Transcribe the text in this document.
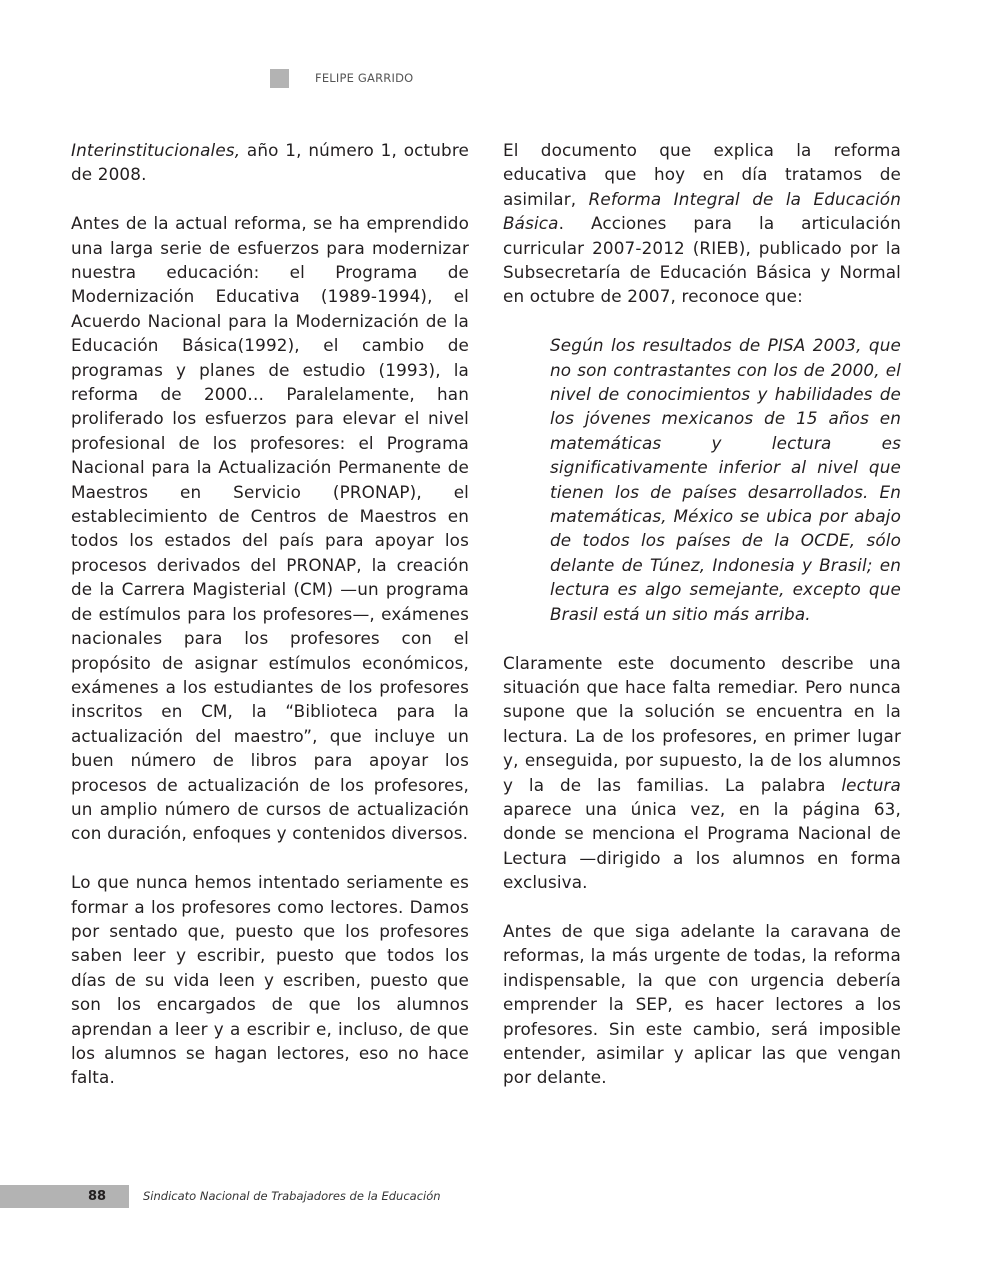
FELIPE GARRIDO

Interinstitucionales, año 1, número 1, octubre de 2008.

Antes de la actual reforma, se ha emprendido una larga serie de esfuerzos para modernizar nuestra educación: el Programa de Modernización Educativa (1989-1994), el Acuerdo Nacional para la Modernización de la Educación Básica(1992), el cambio de programas y planes de estudio (1993), la reforma de 2000… Paralelamente, han proliferado los esfuerzos para elevar el nivel profesional de los profesores: el Programa Nacional para la Actualización Permanente de Maestros en Servicio (PRONAP), el establecimiento de Centros de Maestros en todos los estados del país para apoyar los procesos derivados del PRONAP, la creación de la Carrera Magisterial (CM) —un programa de estímulos para los profesores—, exámenes nacionales para los profesores con el propósito de asignar estímulos económicos, exámenes a los estudiantes de los profesores inscritos en CM, la “Biblioteca para la actualización del maestro”, que incluye un buen número de libros para apoyar los procesos de actualización de los profesores, un amplio número de cursos de actualización con duración, enfoques y contenidos diversos.

Lo que nunca hemos intentado seriamente es formar a los profesores como lectores. Damos por sentado que, puesto que los profesores saben leer y escribir, puesto que todos los días de su vida leen y escriben, puesto que son los encargados de que los alumnos aprendan a leer y a escribir e, incluso, de que los alumnos se hagan lectores, eso no hace falta.

El documento que explica la reforma educativa que hoy en día tratamos de asimilar, Reforma Integral de la Educación Básica. Acciones para la articulación curricular 2007-2012 (RIEB), publicado por la Subsecretaría de Educación Básica y Normal en octubre de 2007, reconoce que:

Según los resultados de PISA 2003, que no son contrastantes con los de 2000, el nivel de conocimientos y habilidades de los jóvenes mexicanos de 15 años en matemáticas y lectura es significativamente inferior al nivel que tienen los de países desarrollados. En matemáticas, México se ubica por abajo de todos los países de la OCDE, sólo delante de Túnez, Indonesia y Brasil; en lectura es algo semejante, excepto que Brasil está un sitio más arriba.

Claramente este documento describe una situación que hace falta remediar. Pero nunca supone que la solución se encuentra en la lectura. La de los profesores, en primer lugar y, enseguida, por supuesto, la de los alumnos y la de las familias. La palabra lectura aparece una única vez, en la página 63, donde se menciona el Programa Nacional de Lectura —dirigido a los alumnos en forma exclusiva.

Antes de que siga adelante la caravana de reformas, la más urgente de todas, la reforma indispensable, la que con urgencia debería emprender la SEP, es hacer lectores a los profesores. Sin este cambio, será imposible entender, asimilar y aplicar las que vengan por delante.

88	Sindicato Nacional de Trabajadores de la Educación
